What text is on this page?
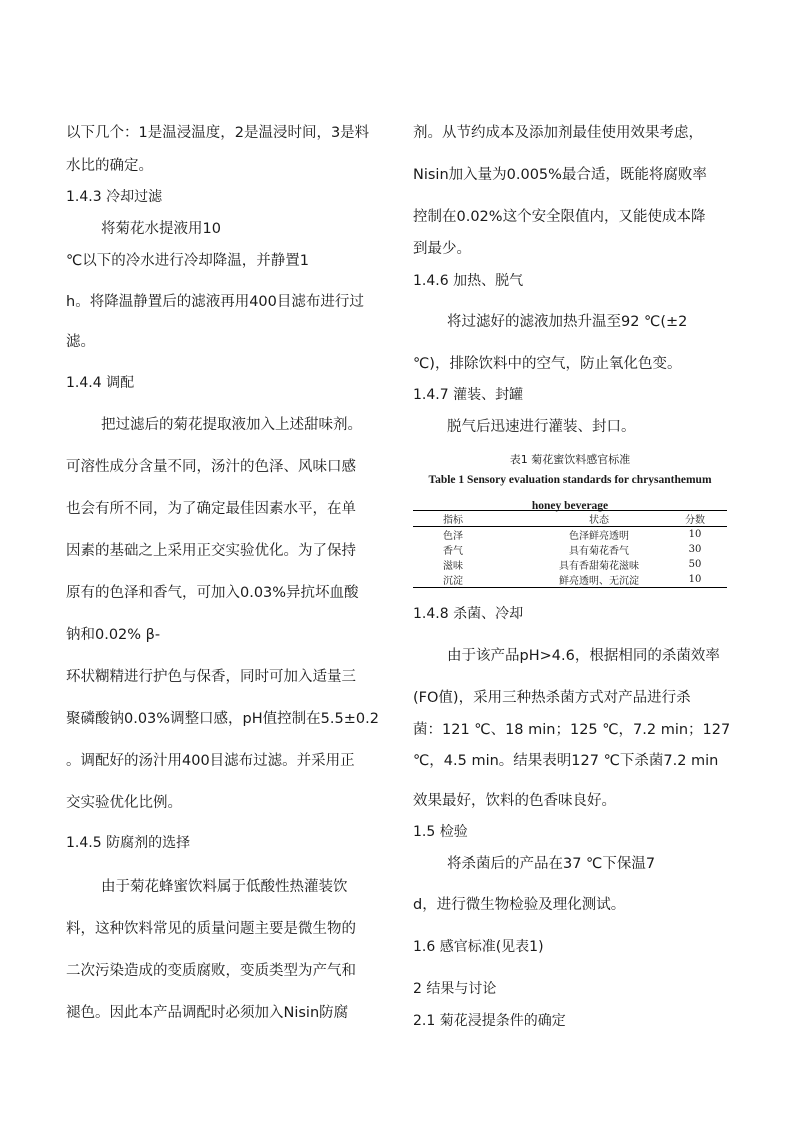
以下几个：1是温浸温度，2是温浸时间，3是料
水比的确定。
1.4.3 冷却过滤
将菊花水提液用10
℃以下的冷水进行冷却降温，并静置1
h。将降温静置后的滤液再用400目滤布进行过
滤。
1.4.4 调配
把过滤后的菊花提取液加入上述甜味剂。
可溶性成分含量不同，汤汁的色泽、风味口感
也会有所不同，为了确定最佳因素水平，在单
因素的基础之上采用正交实验优化。为了保持
原有的色泽和香气，可加入0.03%异抗坏血酸
钠和0.02% β-
环状糊精进行护色与保香，同时可加入适量三
聚磷酸钠0.03%调整口感，pH值控制在5.5±0.2
。调配好的汤汁用400目滤布过滤。并采用正
交实验优化比例。
1.4.5 防腐剂的选择
由于菊花蜂蜜饮料属于低酸性热灌装饮
料，这种饮料常见的质量问题主要是微生物的
二次污染造成的变质腐败，变质类型为产气和
褪色。因此本产品调配时必须加入Nisin防腐
剂。从节约成本及添加剂最佳使用效果考虑，
Nisin加入量为0.005%最合适，既能将腐败率
控制在0.02%这个安全限值内，又能使成本降
到最少。
1.4.6 加热、脱气
将过滤好的滤液加热升温至92 ℃(±2
℃)，排除饮料中的空气，防止氧化色变。
1.4.7 灌装、封罐
脱气后迅速进行灌装、封口。
表1 菊花蜜饮料感官标准
Table 1 Sensory evaluation standards for chrysanthemum honey beverage
指标	状态	分数
色泽	色泽鲜亮透明	10
香气	具有菊花香气	30
滋味	具有香甜菊花滋味	50
沉淀	鲜亮透明、无沉淀	10
1.4.8 杀菌、冷却
由于该产品pH>4.6，根据相同的杀菌效率
(FO值)，采用三种热杀菌方式对产品进行杀
菌：121 ℃、18 min；125 ℃，7.2 min；127
℃，4.5 min。结果表明127 ℃下杀菌7.2 min
效果最好，饮料的色香味良好。
1.5 检验
将杀菌后的产品在37 ℃下保温7
d，进行微生物检验及理化测试。
1.6 感官标准(见表1)
2 结果与讨论
2.1 菊花浸提条件的确定
